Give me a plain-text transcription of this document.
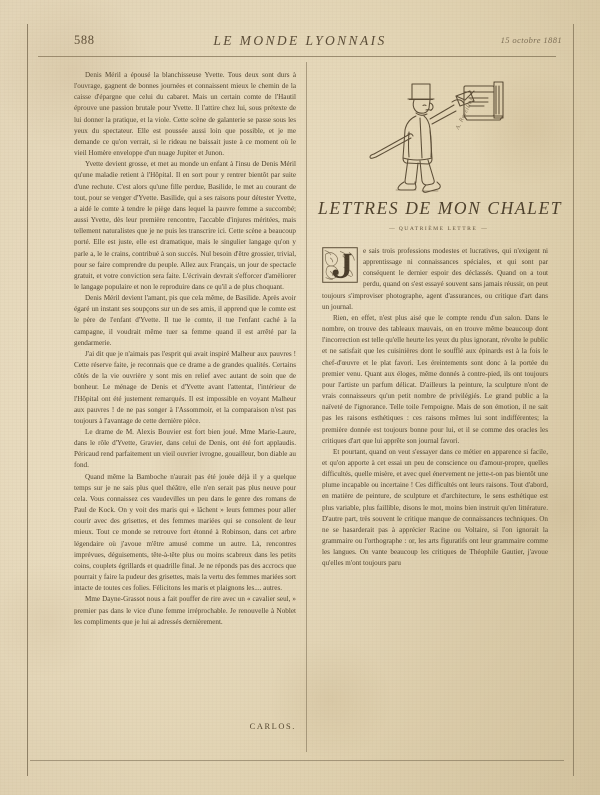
588	LE MONDE LYONNAIS	15 octobre 1881
A. Reveillon
LETTRES DE MON CHALET
— QUATRIÈME LETTRE —

Denis Méril a épousé la blanchisseuse Yvette. Tous deux sont durs à l'ouvrage, gagnent de bonnes journées et connaissent mieux le chemin de la caisse d'épargne que celui du cabaret. Mais un certain comte de l'Hautil éprouve une passion brutale pour Yvette. Il l'attire chez lui, sous prétexte de lui donner la pratique, et la viole. Cette scène de galanterie se passe sous les yeux du spectateur. Elle est poussée aussi loin que possible, et je me demande ce qu'on verrait, si le rideau ne baissait juste à ce moment où le vieil Homère enveloppe d'un nuage Jupiter et Junon.

Yvette devient grosse, et met au monde un enfant à l'insu de Denis Méril qu'une maladie retient à l'Hôpital. Il en sort pour y rentrer bientôt par suite d'une rechute. C'est alors qu'une fille perdue, Basilide, le met au courant de tout, pour se venger d'Yvette. Basilide, qui a ses raisons pour détester Yvette, a aidé le comte à tendre le piège dans lequel la pauvre femme a succombé; aussi Yvette, dès leur première rencontre, l'accable d'injures méritées, mais tellement naturalistes que je ne puis les transcrire ici. Cette scène a beaucoup porté. Elle est juste, elle est dramatique, mais le singulier langage qu'on y parle a, le le crains, contribué à son succès. Nul besoin d'être grossier, trivial, pour se faire comprendre du peuple. Allez aux Français, un jour de spectacle gratuit, et votre conviction sera faite. L'écrivain devrait s'efforcer d'amèliorer le langage populaire et non le reproduire dans ce qu'il a de plus choquant.

Denis Méril devient l'amant, pis que cela même, de Basilide. Après avoir égaré un instant ses soupçons sur un de ses amis, il apprend que le comte est le père de l'enfant d'Yvette. Il tue le comte, il tue l'enfant caché à la campagne, il voudrait même tuer sa femme quand il est arrêté par la gendarmerie.

J'ai dit que je n'aimais pas l'esprit qui avait inspiré Malheur aux pauvres ! Cette réserve faite, je reconnais que ce drame a de grandes qualités. Certains côtés de la vie ouvrière y sont mis en relief avec autant de soin que de bonheur. Le ménage de Denis et d'Yvette avant l'attentat, l'intérieur de l'Hôpital ont été justement remarqués. Il est impossible en voyant Malheur aux pauvres ! de ne pas songer à l'Assommoir, et la comparaison n'est pas toujours à l'avantage de cette dernière pièce.

Le drame de M. Alexis Bouvier est fort bien joué. Mme Marie-Laure, dans le rôle d'Yvette, Gravier, dans celui de Denis, ont été fort applaudis. Péricaud rend parfaitement un vieil ouvrier ivrogne, gouailleur, bon diable au fond.

Quand même la Bamboche n'aurait pas été jouée déjà il y a quelque temps sur je ne sais plus quel théâtre, elle n'en serait pas plus neuve pour cela. Vous connaissez ces vaudevilles un peu dans le genre des romans de Paul de Kock. On y voit des maris qui « lâchent » leurs femmes pour aller courir avec des grisettes, et des femmes mariées qui se consolent de leur mieux. Tout ce monde se retrouve fort étonné à Robinson, dans cet arbre légendaire où j'avoue m'être amusé comme un autre. Là, rencontres imprévues, déguisements, tête-à-tête plus ou moins scabreux dans les petits coins, couplets égrillards et quadrille final. Je ne réponds pas des accrocs que pourrait y faire la pudeur des grisettes, mais la vertu des femmes mariées sort intacte de toutes ces folies. Félicitons les maris et plaignons les.... autres.

Mme Dayne-Grassot nous a fait pouffer de rire avec un « cavalier seul, » premier pas dans le vice d'une femme irréprochable. Je renouvelle à Noblet les compliments que je lui ai adressés dernièrement.

CARLOS.

e sais trois professions modestes et lucratives, qui n'exigent ni apprentissage ni connaissances spéciales, et qui sont par conséquent le dernier espoir des déclassés. Quand on a tout perdu, quand on s'est essayé souvent sans jamais réussir, on peut toujours s'improviser photographe, agent d'assurances, ou critique d'art dans un journal.

Rien, en effet, n'est plus aisé que le compte rendu d'un salon. Dans le nombre, on trouve des tableaux mauvais, on en trouve même beaucoup dont l'incorrection est telle qu'elle heurte les yeux du plus ignorant, révolte le public et ne satisfait que les cuisinières dont le soufflé aux épinards est à la fois le chef-d'œuvre et le plat favori. Les éreintements sont donc à la portée du premier venu. Quant aux éloges, même donnés à contre-pied, ils ont toujours pour l'artiste un parfum délicat. D'ailleurs la peinture, la sculpture n'ont de vrais connaisseurs qu'un petit nombre de privilégiés. Le grand public a la naïveté de l'ignorance. Telle toile l'empoigne. Mais de son émotion, il ne sait pas les raisons esthétiques : ces raisons mêmes lui sont indifférentes; la première donnée est toujours bonne pour lui, et il se comme des oracles les critiques d'art que lui apprête son journal favori.

Et pourtant, quand on veut s'essayer dans ce métier en apparence si facile, et qu'on apporte à cet essai un peu de conscience ou d'amour-propre, quelles difficultés, quelle misère, et avec quel énervement ne jette-t-on pas bientôt une plume incapable ou incertaine ! Ces difficultés ont leurs raisons. Tout d'abord, en matière de peinture, de sculpture et d'architecture, le sens esthétique est plus variable, plus faillible, disons le mot, moins bien instruit qu'en littérature. D'autre part, très souvent le critique manque de connaissances techniques. On ne se hasarderait pas à apprécier Racine ou Voltaire, si l'on ignorait la grammaire ou l'orthographe : or, les arts figuratifs ont leur grammaire comme les langues. On vante beaucoup les critiques de Théophile Gautier, j'avoue qu'elles m'ont toujours paru
